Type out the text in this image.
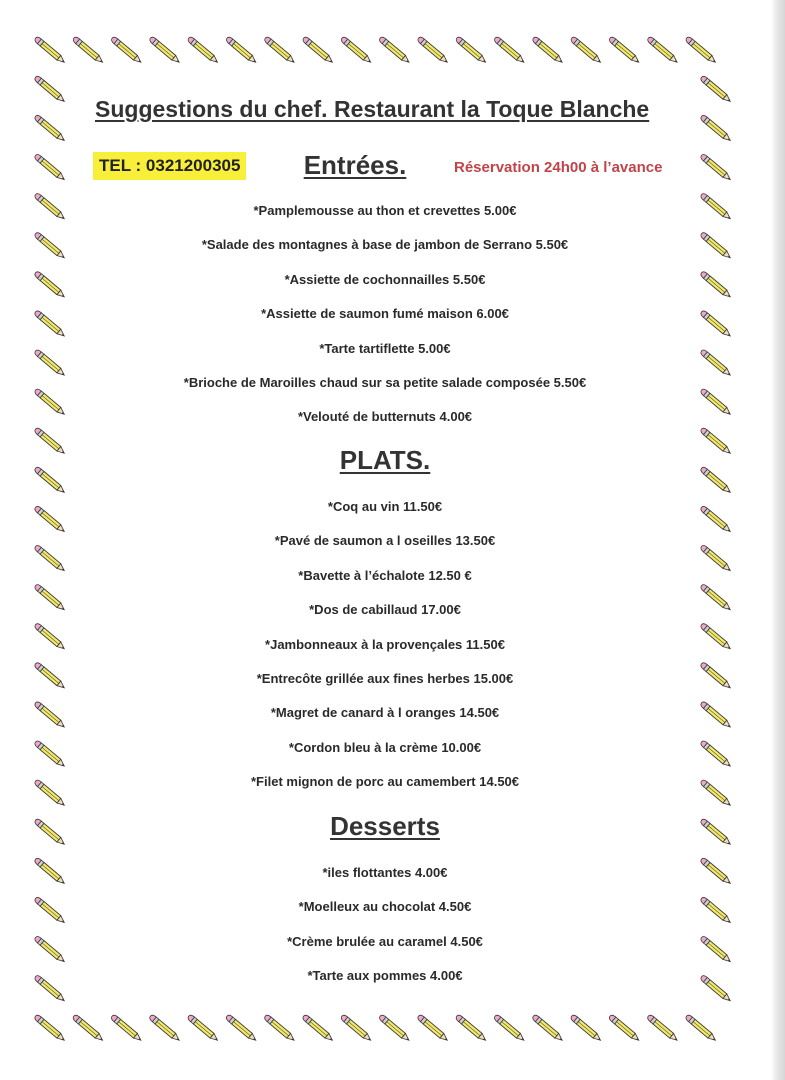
Suggestions du chef. Restaurant la Toque Blanche
TEL : 0321200305	Entrées.	Réservation 24h00 à l’avance
*Pamplemousse au thon et crevettes 5.00€
*Salade des montagnes à base de jambon de Serrano 5.50€
*Assiette de cochonnailles 5.50€
*Assiette de saumon fumé maison 6.00€
*Tarte tartiflette 5.00€
*Brioche de Maroilles chaud sur sa petite salade composée 5.50€
*Velouté de butternuts 4.00€
PLATS.
*Coq au vin 11.50€
*Pavé de saumon a l oseilles 13.50€
*Bavette à l’échalote 12.50 €
*Dos de cabillaud 17.00€
*Jambonneaux à la provençales 11.50€
*Entrecôte grillée aux fines herbes 15.00€
*Magret de canard à l oranges 14.50€
*Cordon bleu à la crème 10.00€
*Filet mignon de porc au camembert 14.50€
Desserts
*iles flottantes 4.00€
*Moelleux au chocolat 4.50€
*Crème brulée au caramel 4.50€
*Tarte aux pommes 4.00€
